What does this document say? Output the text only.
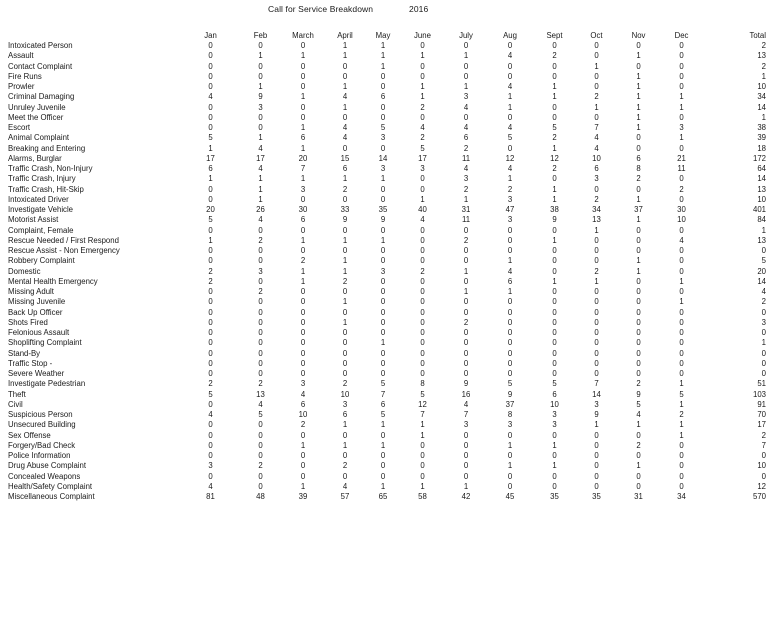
Call for Service Breakdown	2016
	Jan	Feb	March	April	May	June	July	Aug	Sept	Oct	Nov	Dec	Total
Intoxicated Person	0	0	0	1	1	0	0	0	0	0	0	0	2
Assault	0	1	1	1	1	1	1	4	2	0	1	0	13
Contact Complaint	0	0	0	0	1	0	0	0	0	1	0	0	2
Fire Runs	0	0	0	0	0	0	0	0	0	0	1	0	1
Prowler	0	1	0	1	0	1	1	4	1	0	1	0	10
Criminal Damaging	4	9	1	4	6	1	3	1	1	2	1	1	34
Unruley Juvenile	0	3	0	1	0	2	4	1	0	1	1	1	14
Meet the Officer	0	0	0	0	0	0	0	0	0	0	1	0	1
Escort	0	0	1	4	5	4	4	4	5	7	1	3	38
Animal Complaint	5	1	6	4	3	2	6	5	2	4	0	1	39
Breaking and Entering	1	4	1	0	0	5	2	0	1	4	0	0	18
Alarms, Burglar	17	17	20	15	14	17	11	12	12	10	6	21	172
Traffic Crash, Non-Injury	6	4	7	6	3	3	4	4	2	6	8	11	64
Traffic Crash, Injury	1	1	1	1	1	0	3	1	0	3	2	0	14
Traffic Crash, Hit-Skip	0	1	3	2	0	0	2	2	1	0	0	2	13
Intoxicated Driver	0	1	0	0	0	1	1	3	1	2	1	0	10
Investigate Vehicle	20	26	30	33	35	40	31	47	38	34	37	30	401
Motorist Assist	5	4	6	9	9	4	11	3	9	13	1	10	84
Complaint, Female	0	0	0	0	0	0	0	0	0	1	0	0	1
Rescue Needed / First Respond	1	2	1	1	1	0	2	0	1	0	0	4	13
Rescue Assist - Non Emergency	0	0	0	0	0	0	0	0	0	0	0	0	0
Robbery Complaint	0	0	2	1	0	0	0	1	0	0	1	0	5
Domestic	2	3	1	1	3	2	1	4	0	2	1	0	20
Mental Health Emergency	2	0	1	2	0	0	0	6	1	1	0	1	14
Missing Adult	0	2	0	0	0	0	1	1	0	0	0	0	4
Missing Juvenile	0	0	0	1	0	0	0	0	0	0	0	1	2
Back Up Officer	0	0	0	0	0	0	0	0	0	0	0	0	0
Shots Fired	0	0	0	1	0	0	2	0	0	0	0	0	3
Felonious Assault	0	0	0	0	0	0	0	0	0	0	0	0	0
Shoplifting Complaint	0	0	0	0	1	0	0	0	0	0	0	0	1
Stand-By	0	0	0	0	0	0	0	0	0	0	0	0	0
Traffic Stop -	0	0	0	0	0	0	0	0	0	0	0	0	0
Severe Weather	0	0	0	0	0	0	0	0	0	0	0	0	0
Investigate Pedestrian	2	2	3	2	5	8	9	5	5	7	2	1	51
Theft	5	13	4	10	7	5	16	9	6	14	9	5	103
Civil	0	4	6	3	6	12	4	37	10	3	5	1	91
Suspicious Person	4	5	10	6	5	7	7	8	3	9	4	2	70
Unsecured Building	0	0	2	1	1	1	3	3	3	1	1	1	17
Sex Offense	0	0	0	0	0	1	0	0	0	0	0	1	2
Forgery/Bad Check	0	0	1	1	1	0	0	1	1	0	2	0	7
Police Information	0	0	0	0	0	0	0	0	0	0	0	0	0
Drug Abuse Complaint	3	2	0	2	0	0	0	1	1	0	1	0	10
Concealed Weapons	0	0	0	0	0	0	0	0	0	0	0	0	0
Health/Safety Complaint	4	0	1	4	1	1	1	0	0	0	0	0	12
Miscellaneous Complaint	81	48	39	57	65	58	42	45	35	35	31	34	570
